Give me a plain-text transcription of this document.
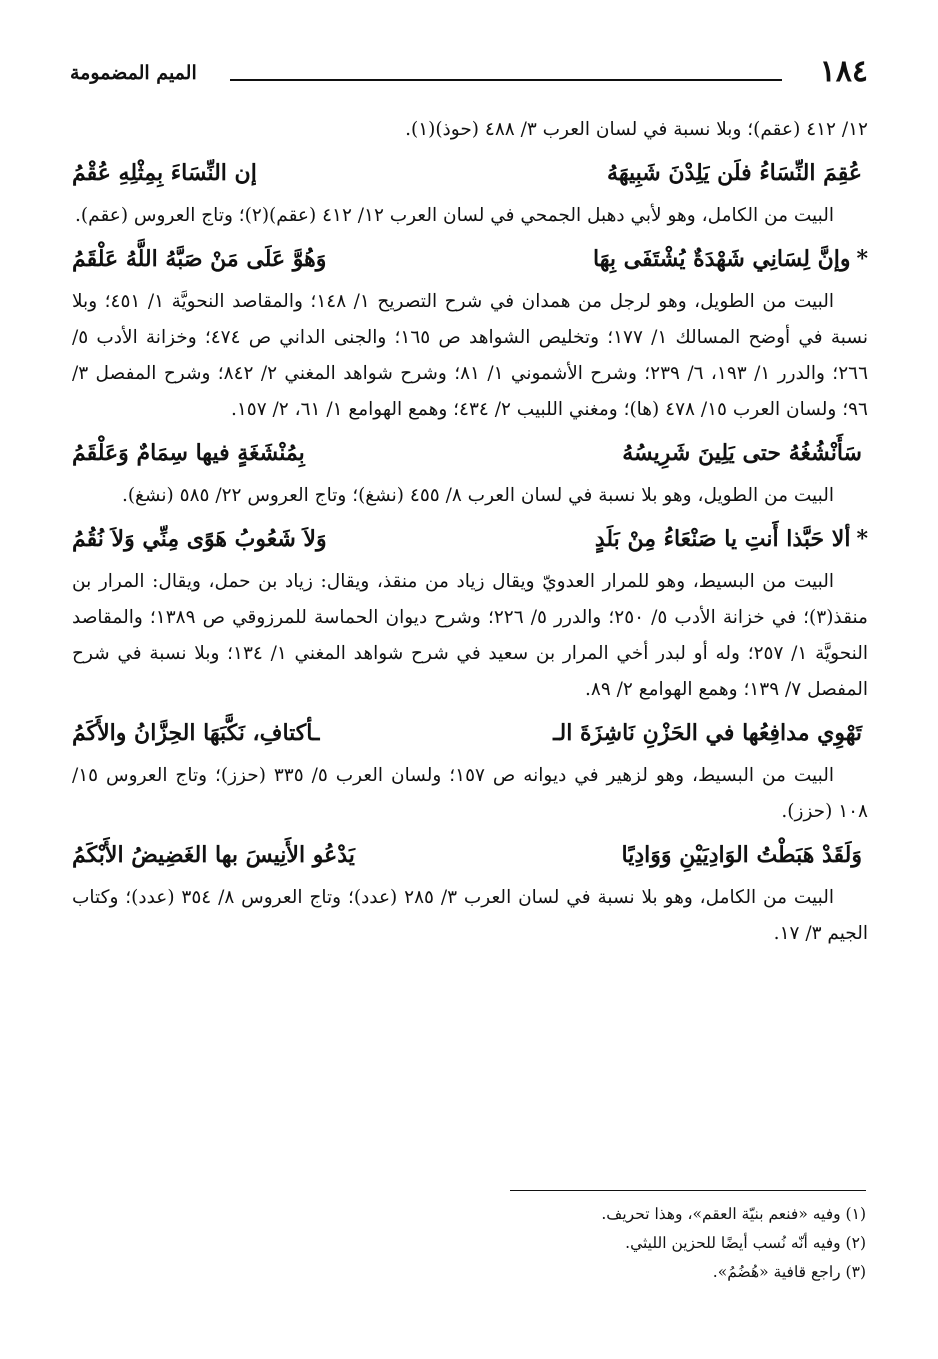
١٨٤
الميم المضمومة

١٢/ ٤١٢ (عقم)؛ وبلا نسبة في لسان العرب ٣/ ٤٨٨ (حوذ)(١).

عُقِمَ النِّسَاءُ فلَن يَلِدْنَ شَبِيهَهُ
إن النِّسَاءَ بِمِثْلِهِ عُقْمُ

البيت من الكامل، وهو لأبي دهبل الجمحي في لسان العرب ١٢/ ٤١٢ (عقم)(٢)؛ وتاج العروس (عقم).

*وإنَّ لِسَانِي شَهْدَةٌ يُشْتَفَى بِهَا
وَهُوَّ عَلَى مَنْ صَبَّهُ اللَّهُ عَلْقَمُ

البيت من الطويل، وهو لرجل من همدان في شرح التصريح ١/ ١٤٨؛ والمقاصد النحويَّة ١/ ٤٥١؛ وبلا نسبة في أوضح المسالك ١/ ١٧٧؛ وتخليص الشواهد ص ١٦٥؛ والجنى الداني ص ٤٧٤؛ وخزانة الأدب ٥/ ٢٦٦؛ والدرر ١/ ١٩٣، ٦/ ٢٣٩؛ وشرح الأشموني ١/ ٨١؛ وشرح شواهد المغني ٢/ ٨٤٢؛ وشرح المفصل ٣/ ٩٦؛ ولسان العرب ١٥/ ٤٧٨ (ها)؛ ومغني اللبيب ٢/ ٤٣٤؛ وهمع الهوامع ١/ ٦١، ٢/ ١٥٧.

سَأَنْشُغُهُ حتى يَلِينَ شَرِيسُهُ
بِمُنْشَغَةٍ فيها سِمَامٌ وَعَلْقَمُ

البيت من الطويل، وهو بلا نسبة في لسان العرب ٨/ ٤٥٥ (نشغ)؛ وتاج العروس ٢٢/ ٥٨٥ (نشغ).

*ألا حَبَّذا أَنتِ يا صَنْعَاءُ مِنْ بَلَدٍ
وَلاَ شَعُوبُ هَوًى مِنِّي وَلاَ نُقُمُ

البيت من البسيط، وهو للمرار العدويّ ويقال زياد من منقذ، ويقال: زياد بن حمل، ويقال: المرار بن منقذ(٣)؛ في خزانة الأدب ٥/ ٢٥٠؛ والدرر ٥/ ٢٢٦؛ وشرح ديوان الحماسة للمرزوقي ص ١٣٨٩؛ والمقاصد النحويَّة ١/ ٢٥٧؛ وله أو لبدر أخي المرار بن سعيد في شرح شواهد المغني ١/ ١٣٤؛ وبلا نسبة في شرح المفصل ٧/ ١٣٩؛ وهمع الهوامع ٢/ ٨٩.

تَهْوِي مدافِعُها في الحَزْنِ نَاشِزَةَ الـ
ـأكتافِ، نَكَّبَهَا الحِزَّانُ والأَكَمُ

البيت من البسيط، وهو لزهير في ديوانه ص ١٥٧؛ ولسان العرب ٥/ ٣٣٥ (حزز)؛ وتاج العروس ١٥/ ١٠٨ (حزز).

وَلَقَدْ هَبَطْتُ الوَادِيَيْنِ وَوَادِيًا
يَدْعُو الأَنِيسَ بها الغَضِيضُ الأَبْكَمُ

البيت من الكامل، وهو بلا نسبة في لسان العرب ٣/ ٢٨٥ (عدد)؛ وتاج العروس ٨/ ٣٥٤ (عدد)؛ وكتاب الجيم ٣/ ١٧.

(١) وفيه «فنعم بنيّة العقم»، وهذا تحريف.

(٢) وفيه أنّه نُسب أيضًا للحزين الليثي.

(٣) راجع قافية «هُضُمُ».
